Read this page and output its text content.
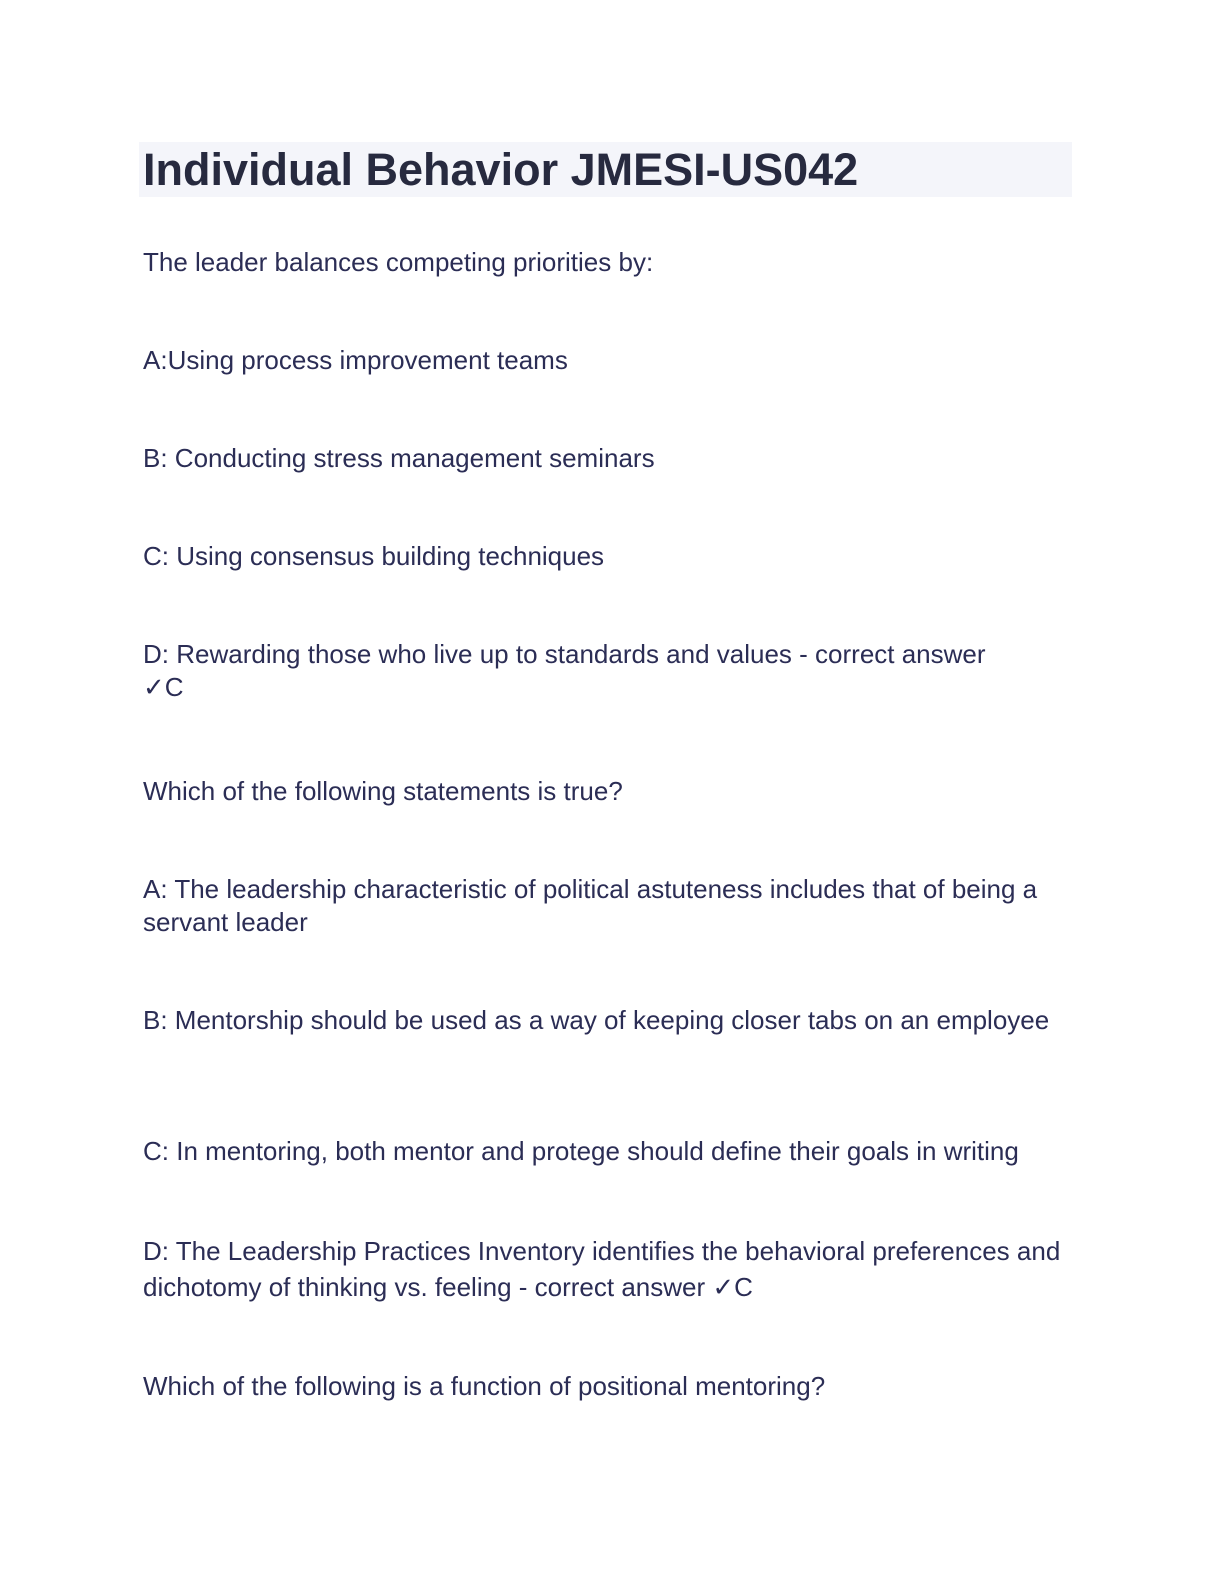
Individual Behavior JMESI-US042

The leader balances competing priorities by:

A:Using process improvement teams

B: Conducting stress management seminars

C: Using consensus building techniques

D: Rewarding those who live up to standards and values - correct answer
✓C

Which of the following statements is true?

A: The leadership characteristic of political astuteness includes that of being a servant leader

B: Mentorship should be used as a way of keeping closer tabs on an employee

C: In mentoring, both mentor and protege should define their goals in writing

D: The Leadership Practices Inventory identifies the behavioral preferences and dichotomy of thinking vs. feeling - correct answer ✓C

Which of the following is a function of positional mentoring?
